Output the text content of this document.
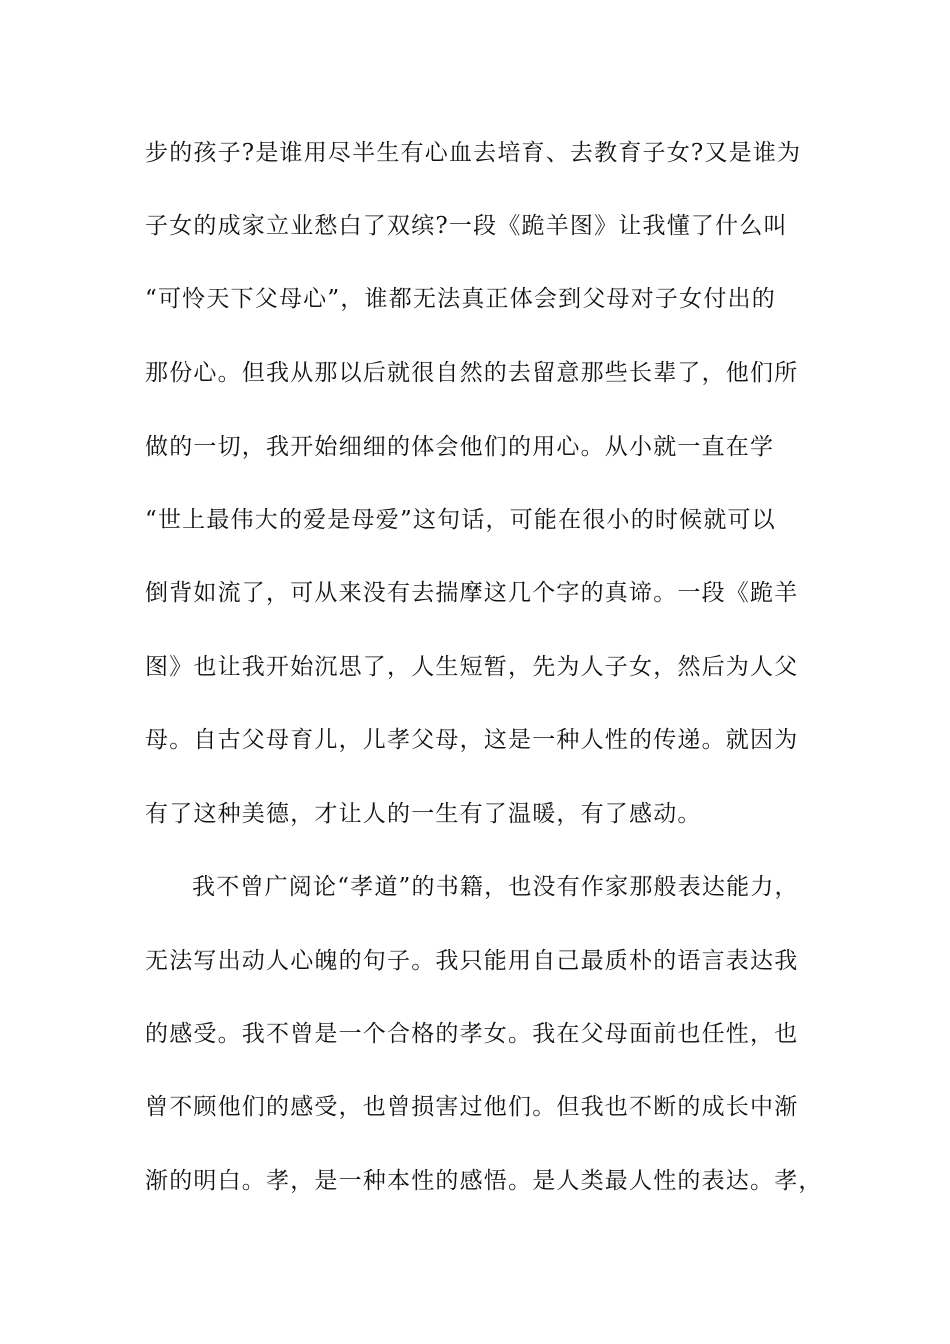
步的孩子?是谁用尽半生有心血去培育、去教育子女?又是谁为
子女的成家立业愁白了双缤?一段《跪羊图》让我懂了什么叫
“可怜天下父母心”，谁都无法真正体会到父母对子女付出的
那份心。但我从那以后就很自然的去留意那些长辈了，他们所
做的一切，我开始细细的体会他们的用心。从小就一直在学
“世上最伟大的爱是母爱”这句话，可能在很小的时候就可以
倒背如流了，可从来没有去揣摩这几个字的真谛。一段《跪羊
图》也让我开始沉思了，人生短暂，先为人子女，然后为人父
母。自古父母育儿，儿孝父母，这是一种人性的传递。就因为
有了这种美德，才让人的一生有了温暖，有了感动。
我不曾广阅论“孝道”的书籍，也没有作家那般表达能力，
无法写出动人心魄的句子。我只能用自己最质朴的语言表达我
的感受。我不曾是一个合格的孝女。我在父母面前也任性，也
曾不顾他们的感受，也曾损害过他们。但我也不断的成长中渐
渐的明白。孝，是一种本性的感悟。是人类最人性的表达。孝，
